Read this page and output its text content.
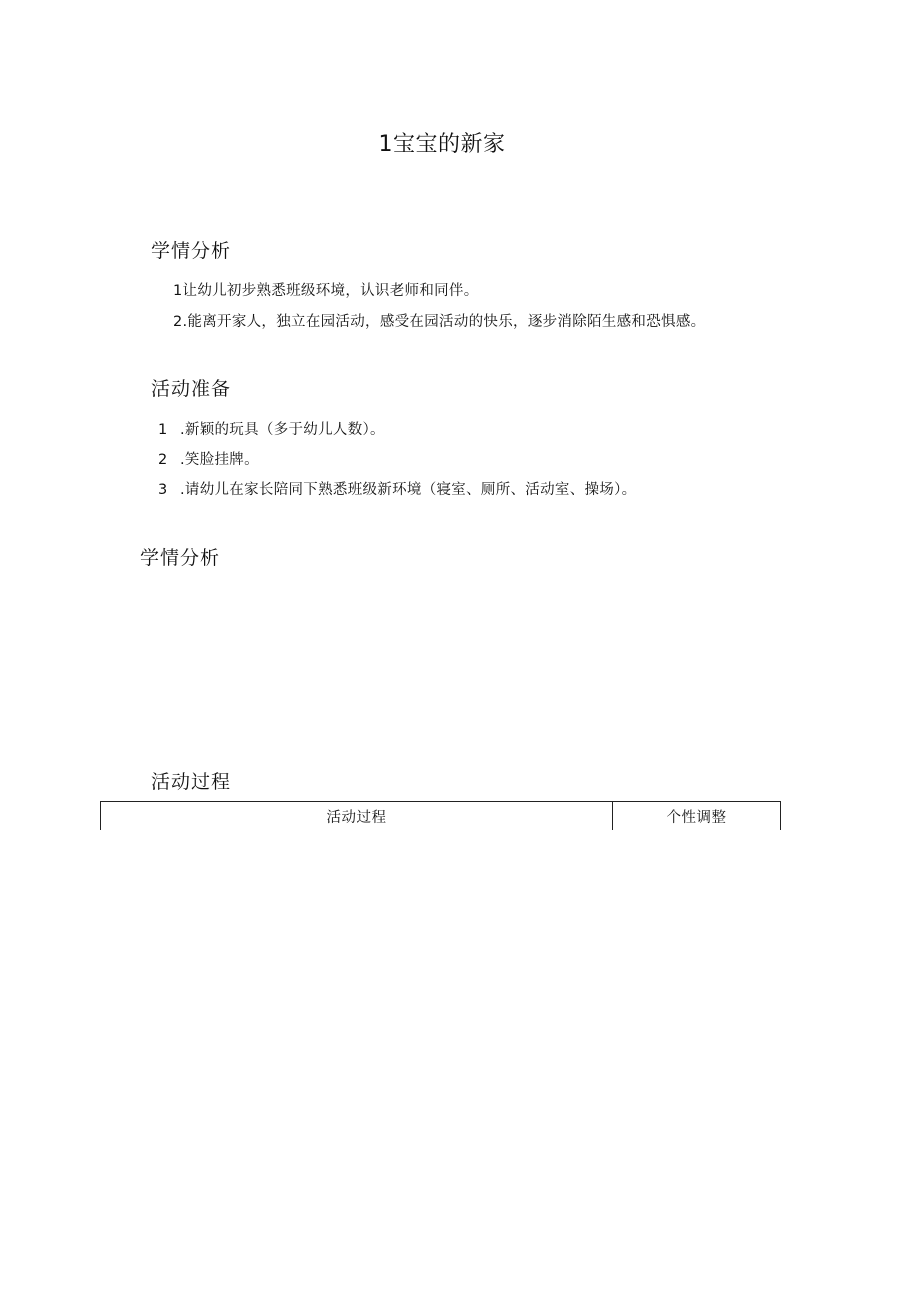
1宝宝的新家
学情分析
1让幼儿初步熟悉班级环境，认识老师和同伴。
2.能离开家人，独立在园活动，感受在园活动的快乐，逐步消除陌生感和恐惧感。
活动准备
1 .新颖的玩具（多于幼儿人数）。
2 .笑脸挂牌。
3 .请幼儿在家长陪同下熟悉班级新环境（寝室、厕所、活动室、操场）。
学情分析
活动过程
活动过程	个性调整
